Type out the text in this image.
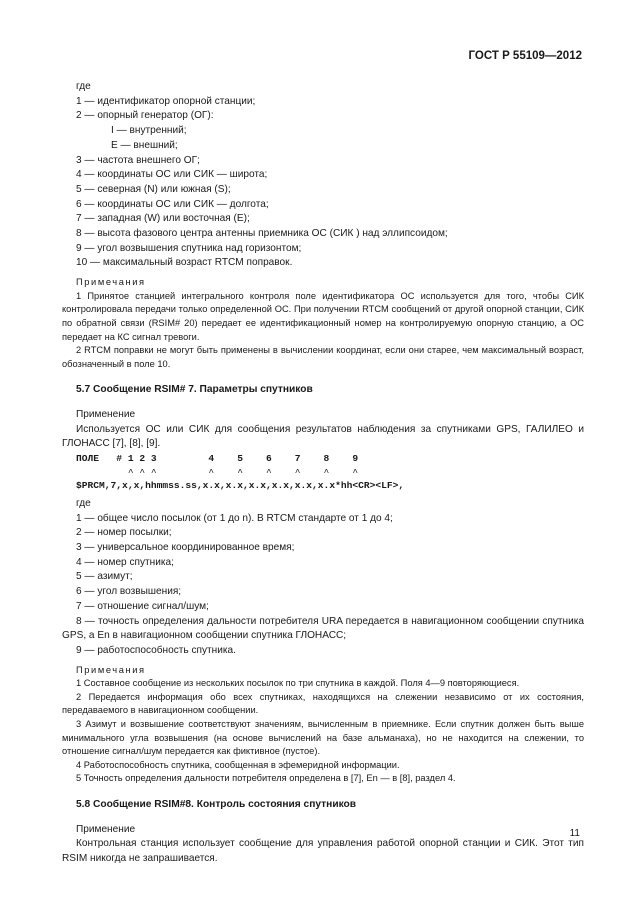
ГОСТ Р 55109—2012

где

1 — идентификатор опорной станции;

2 — опорный генератор (ОГ):

I — внутренний;

E — внешний;

3 — частота внешнего ОГ;

4 — координаты ОС или СИК — широта;

5 — северная (N) или южная (S);

6 — координаты ОС или СИК — долгота;

7 — западная (W) или восточная (E);

8 — высота фазового центра антенны приемника ОС (СИК ) над эллипсоидом;

9 — угол возвышения спутника над горизонтом;

10 — максимальный возраст RTCM поправок.

Примечания

1 Принятое станцией интегрального контроля поле идентификатора ОС используется для того, чтобы СИК контролировала передачи только определенной ОС. При получении RTCM сообщений от другой опорной станции, СИК по обратной связи (RSIM# 20) передает ее идентификационный номер на контролируемую опорную станцию, а ОС передает на КС сигнал тревоги.

2 RTCM поправки не могут быть применены в вычислении координат, если они старее, чем максимальный возраст, обозначенный в поле 10.

5.7 Сообщение RSIM# 7. Параметры спутников

Применение

Используется ОС или СИК для сообщения результатов наблюдения за спутниками GPS, ГАЛИЛЕО и ГЛОНАСС [7], [8], [9].

ПОЛЕ   # 1 2 3         4    5    6    7    8    9

^ ^ ^         ^    ^    ^    ^    ^    ^

$PRCM,7,x,x,hhmmss.ss,x.x,x.x,x.x,x.x,x.x,x.x*hh<CR><LF>,

где

1 — общее число посылок (от 1 до n). В RTCM стандарте от 1 до 4;

2 — номер посылки;

3 — универсальное координированное время;

4 — номер спутника;

5 — азимут;

6 — угол возвышения;

7 — отношение сигнал/шум;

8 — точность определения дальности потребителя URA передается в навигационном сообщении спутника GPS, а En в навигационном сообщении спутника ГЛОНАСС;

9 — работоспособность спутника.

Примечания

1 Составное сообщение из нескольких посылок по три спутника в каждой. Поля 4—9 повторяющиеся.

2 Передается информация обо всех спутниках, находящихся на слежении независимо от их состояния, передаваемого в навигационном сообщении.

3 Азимут и возвышение соответствуют значениям, вычисленным в приемнике. Если спутник должен быть выше минимального угла возвышения (на основе вычислений на базе альманаха), но не находится на слежении, то отношение сигнал/шум передается как фиктивное (пустое).

4 Работоспособность спутника, сообщенная в эфемеридной информации.

5 Точность определения дальности потребителя определена в [7], En — в [8], раздел 4.

5.8 Сообщение RSIM#8. Контроль состояния спутников

Применение

Контрольная станция использует сообщение для управления работой опорной станции и СИК. Этот тип RSIM никогда не запрашивается.

11
